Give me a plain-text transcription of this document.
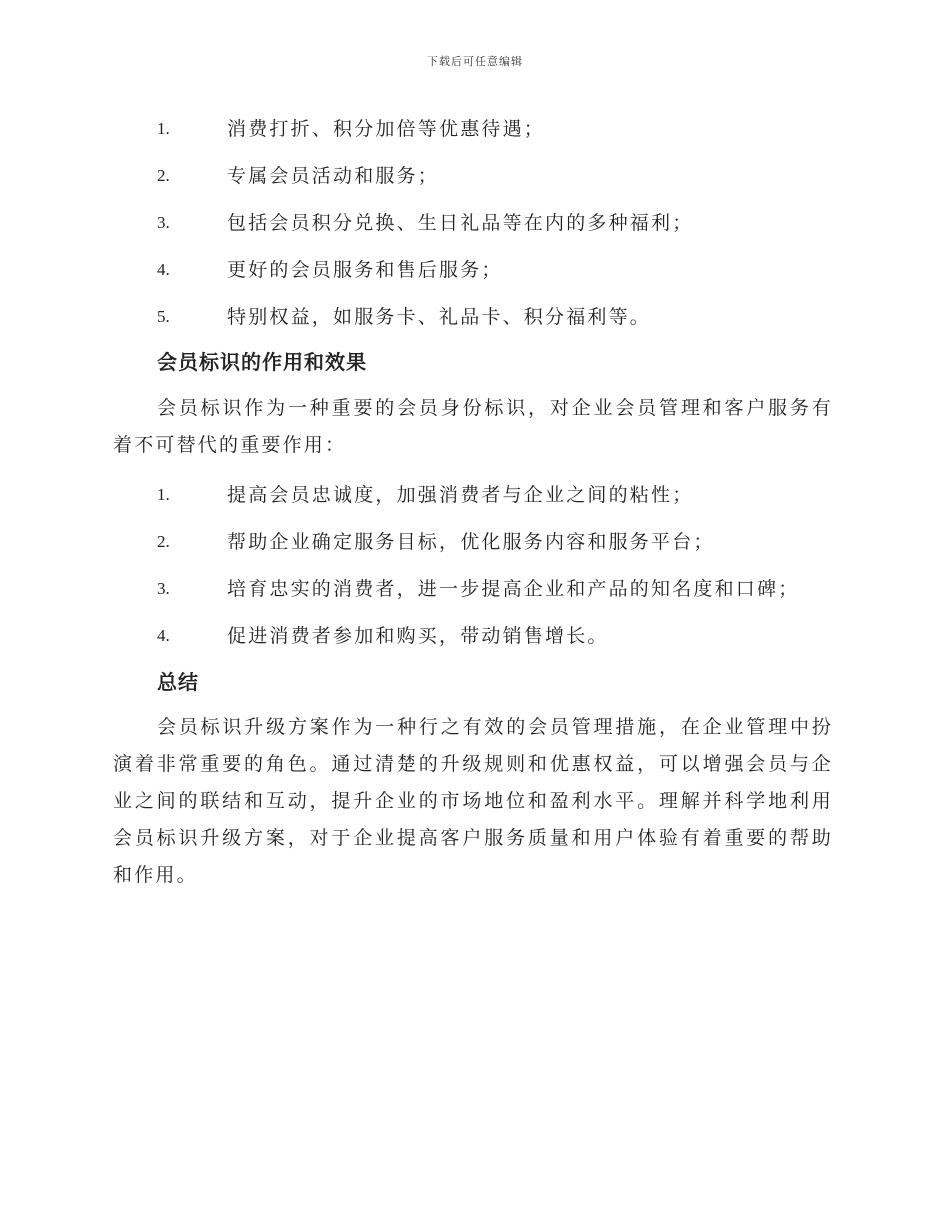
下载后可任意编辑
1.	消费打折、积分加倍等优惠待遇；
2.	专属会员活动和服务；
3.	包括会员积分兑换、生日礼品等在内的多种福利；
4.	更好的会员服务和售后服务；
5.	特别权益，如服务卡、礼品卡、积分福利等。
会员标识的作用和效果
会员标识作为一种重要的会员身份标识，对企业会员管理和客户服务有着不可替代的重要作用：
1.	提高会员忠诚度，加强消费者与企业之间的粘性；
2.	帮助企业确定服务目标，优化服务内容和服务平台；
3.	培育忠实的消费者，进一步提高企业和产品的知名度和口碑；
4.	促进消费者参加和购买，带动销售增长。
总结
会员标识升级方案作为一种行之有效的会员管理措施，在企业管理中扮演着非常重要的角色。通过清楚的升级规则和优惠权益，可以增强会员与企业之间的联结和互动，提升企业的市场地位和盈利水平。理解并科学地利用会员标识升级方案，对于企业提高客户服务质量和用户体验有着重要的帮助和作用。
